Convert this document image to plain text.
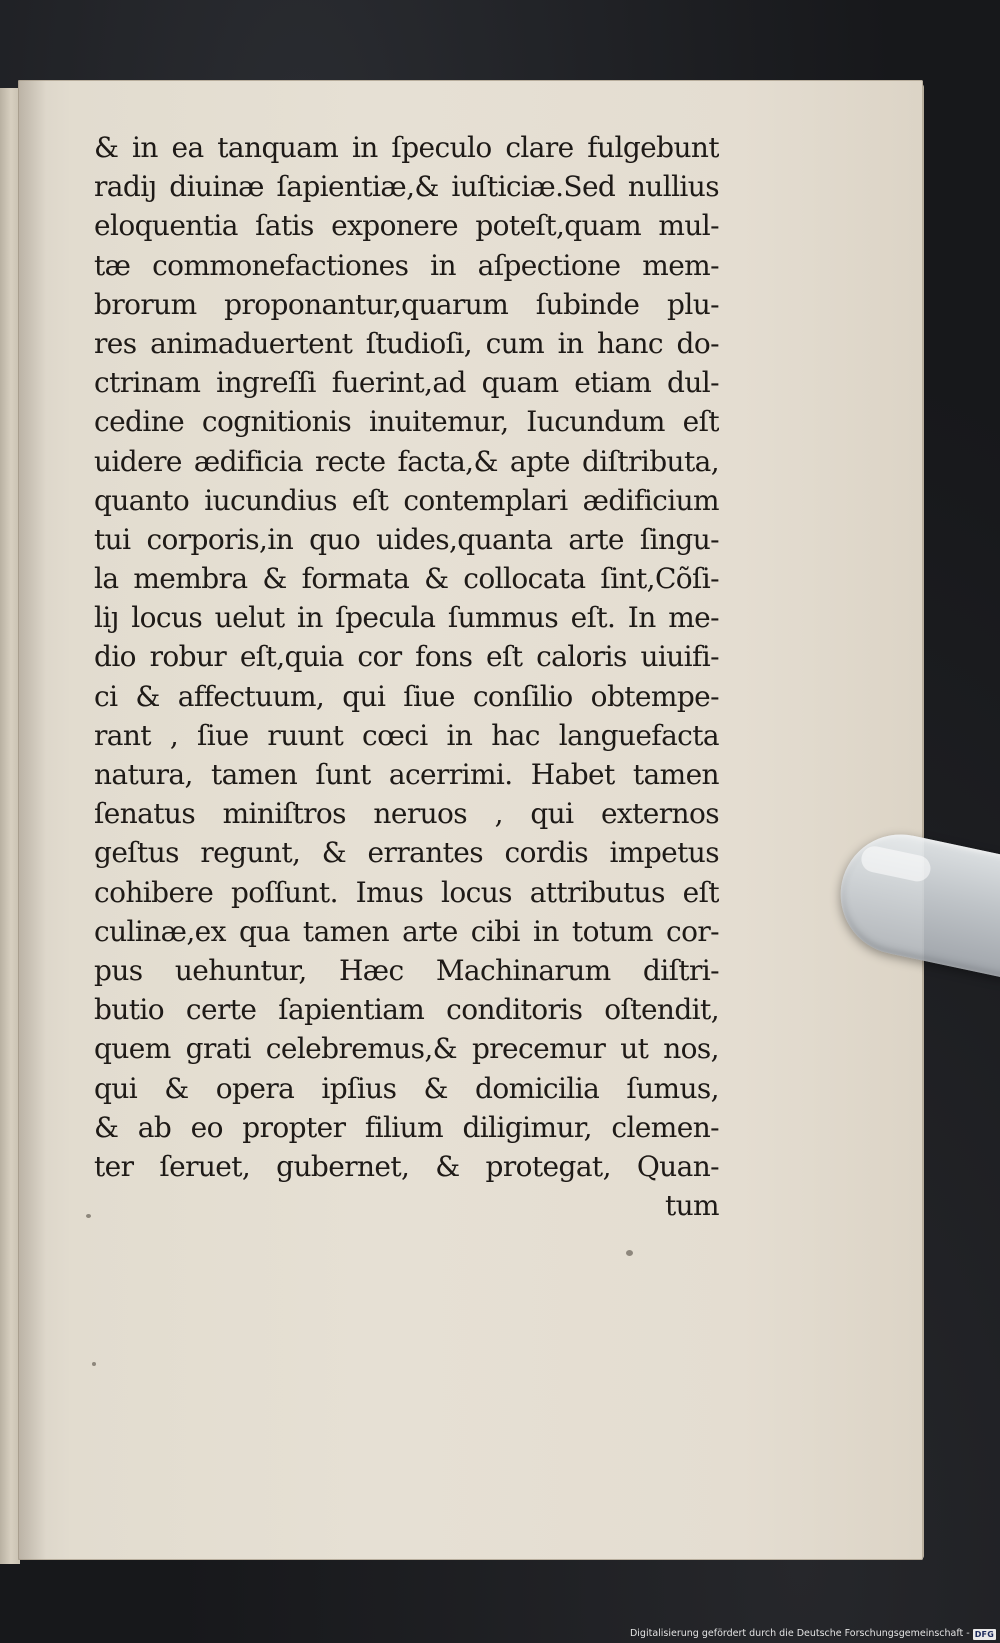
& in ea tanquam in ſpeculo clare fulgebunt
radiȷ diuinæ ſapientiæ,& iuſticiæ.Sed nullius
eloquentia ſatis exponere poteſt,quam mul-
tæ commonefactiones in aſpectione mem-
brorum proponantur,quarum ſubinde plu-
res animaduertent ſtudioſi, cum in hanc do-
ctrinam ingreſſi fuerint,ad quam etiam dul-
cedine cognitionis inuitemur, Iucundum eſt
uidere ædificia recte facta,& apte diſtributa,
quanto iucundius eſt contemplari ædificium
tui corporis,in quo uides,quanta arte ſingu-
la membra & formata & collocata ſint,Cõſi-
liȷ locus uelut in ſpecula ſummus eſt. In me-
dio robur eſt,quia cor fons eſt caloris uiuifi-
ci & affectuum, qui ſiue conſilio obtempe-
rant , ſiue ruunt cœci in hac languefacta
natura, tamen ſunt acerrimi. Habet tamen
ſenatus miniſtros neruos , qui externos
geſtus regunt, & errantes cordis impetus
cohibere poſſunt. Imus locus attributus eſt
culinæ,ex qua tamen arte cibi in totum cor-
pus uehuntur, Hæc Machinarum diſtri-
butio certe ſapientiam conditoris oſtendit,
quem grati celebremus,& precemur ut nos,
qui & opera ipſius & domicilia ſumus,
& ab eo propter filium diligimur, clemen-
ter ſeruet, gubernet, & protegat, Quan-
tum
Digitalisierung gefördert durch die Deutsche Forschungsgemeinschaft - DFG
